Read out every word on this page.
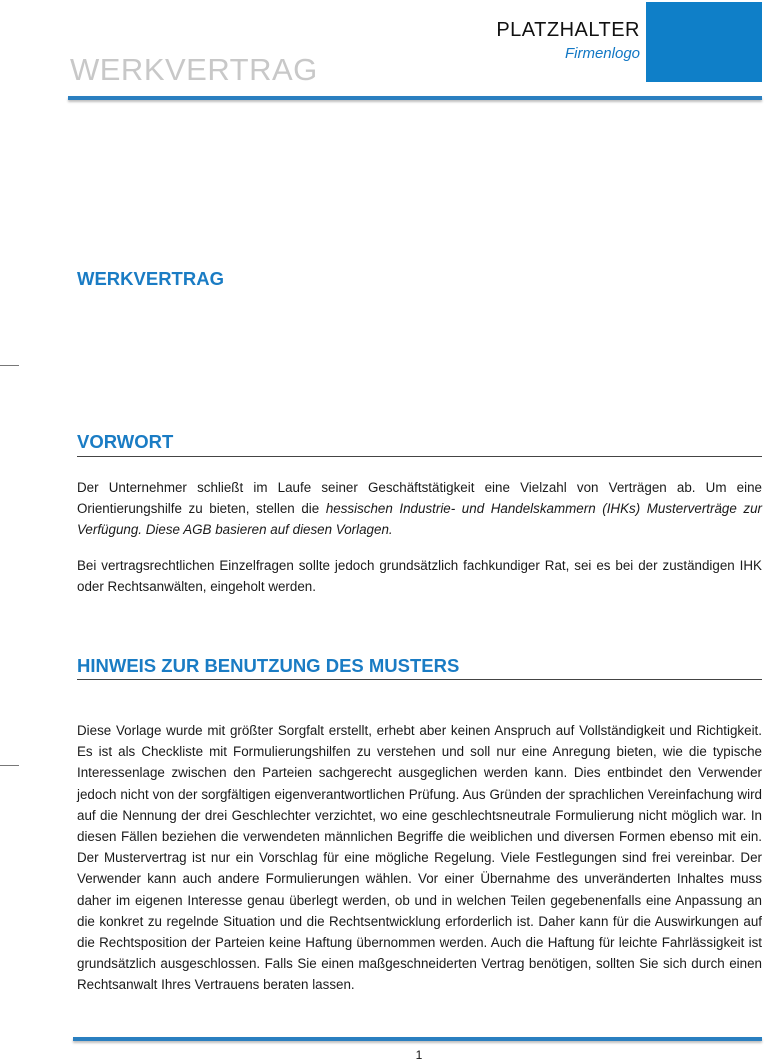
WERKVERTRAG
PLATZHALTER
Firmenlogo
WERKVERTRAG
VORWORT

Der Unternehmer schließt im Laufe seiner Geschäftstätigkeit eine Vielzahl von Verträgen ab. Um eine Orientierungshilfe zu bieten, stellen die hessischen Industrie- und Handelskammern (IHKs) Musterverträge zur Verfügung. Diese AGB basieren auf diesen Vorlagen.

Bei vertragsrechtlichen Einzelfragen sollte jedoch grundsätzlich fachkundiger Rat, sei es bei der zuständigen IHK oder Rechtsanwälten, eingeholt werden.

HINWEIS ZUR BENUTZUNG DES MUSTERS

Diese Vorlage wurde mit größter Sorgfalt erstellt, erhebt aber keinen Anspruch auf Vollständigkeit und Richtigkeit. Es ist als Checkliste mit Formulierungshilfen zu verstehen und soll nur eine Anregung bieten, wie die typische Interessenlage zwischen den Parteien sachgerecht ausgeglichen werden kann. Dies entbindet den Verwender jedoch nicht von der sorgfältigen eigenverantwortlichen Prüfung. Aus Gründen der sprachlichen Vereinfachung wird auf die Nennung der drei Geschlechter verzichtet, wo eine geschlechtsneutrale Formulierung nicht möglich war. In diesen Fällen beziehen die verwendeten männlichen Begriffe die weiblichen und diversen Formen ebenso mit ein. Der Mustervertrag ist nur ein Vorschlag für eine mögliche Regelung. Viele Festlegungen sind frei vereinbar. Der Verwender kann auch andere Formulierungen wählen. Vor einer Übernahme des unveränderten Inhaltes muss daher im eigenen Interesse genau überlegt werden, ob und in welchen Teilen gegebenenfalls eine Anpassung an die konkret zu regelnde Situation und die Rechtsentwicklung erforderlich ist. Daher kann für die Auswirkungen auf die Rechtsposition der Parteien keine Haftung übernommen werden. Auch die Haftung für leichte Fahrlässigkeit ist grundsätzlich ausgeschlossen. Falls Sie einen maßgeschneiderten Vertrag benötigen, sollten Sie sich durch einen Rechtsanwalt Ihres Vertrauens beraten lassen.

1
